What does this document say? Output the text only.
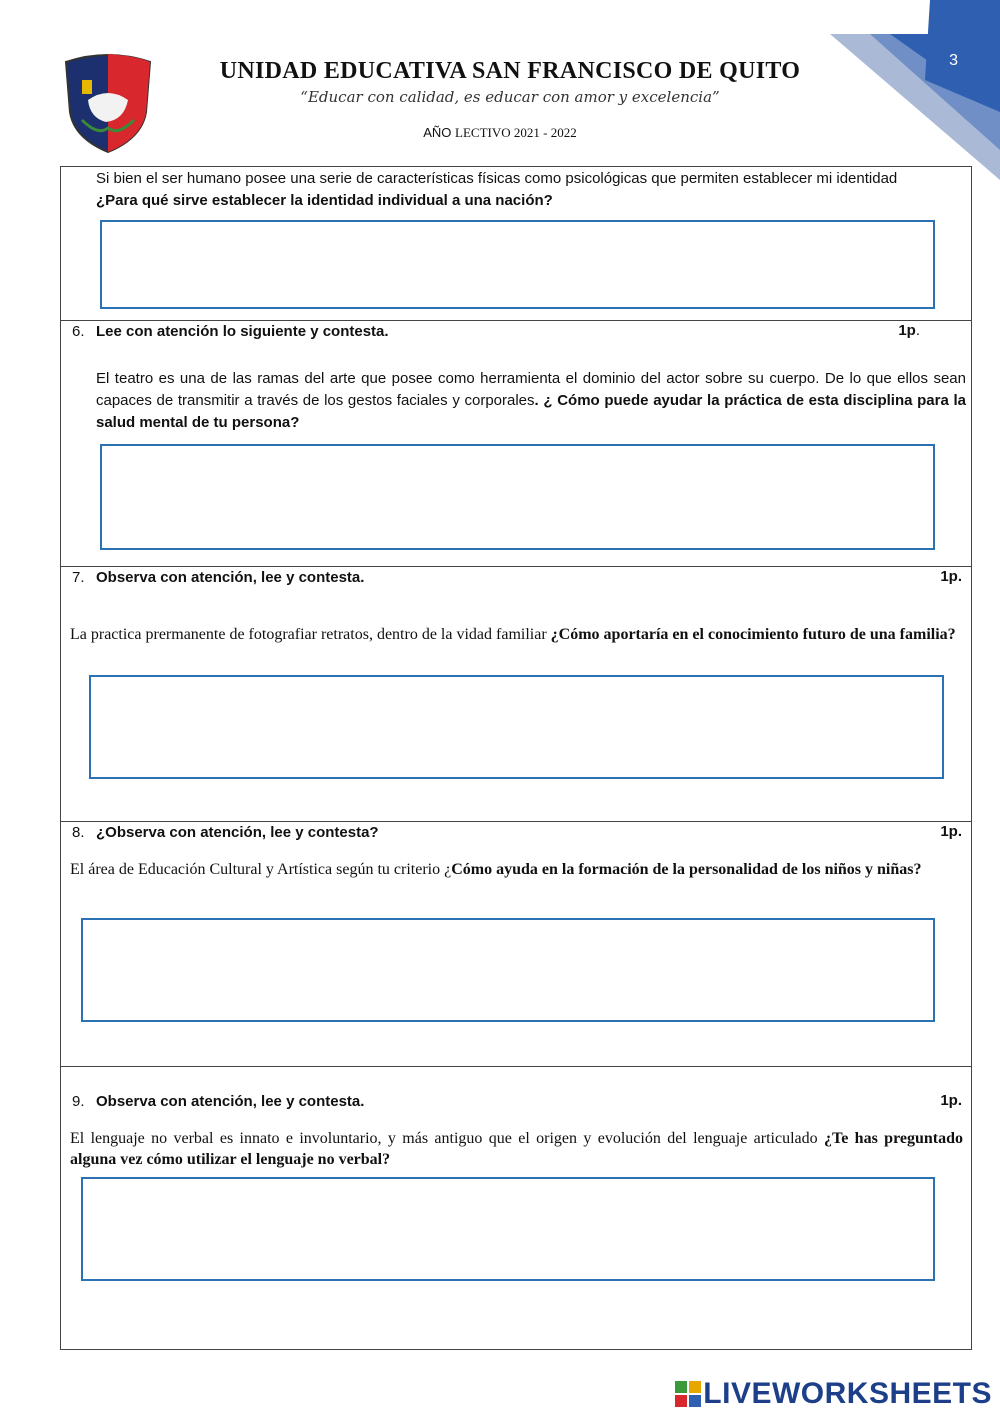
3
UNIDAD EDUCATIVA SAN FRANCISCO DE QUITO
“Educar con calidad, es educar con amor y excelencia”
AÑO LECTIVO 2021 - 2022
Si bien el ser humano posee una serie de características físicas como psicológicas que permiten establecer mi identidad
¿Para qué sirve establecer la identidad individual a una nación?
6. Lee con atención lo siguiente y contesta.	1p.
El teatro es una de las ramas del arte que posee como herramienta el dominio del actor sobre su cuerpo. De lo que ellos sean capaces de transmitir a través de los gestos faciales y corporales. ¿ Cómo puede ayudar la práctica de esta disciplina para la salud mental de tu persona?
7. Observa con atención, lee y contesta.	1p.
La practica prermanente de fotografiar retratos, dentro de la vidad familiar ¿Cómo aportaría en el conocimiento futuro de una familia?
8. ¿Observa con atención, lee y contesta?	1p.
El área de Educación Cultural y Artística según tu criterio ¿Cómo ayuda en la formación de la personalidad de los niños y niñas?
9. Observa con atención, lee y contesta.	1p.
El lenguaje no verbal es innato e involuntario, y más antiguo que el origen y evolución del lenguaje articulado ¿Te has preguntado alguna vez cómo utilizar el lenguaje no verbal?
LIVEWORKSHEETS
